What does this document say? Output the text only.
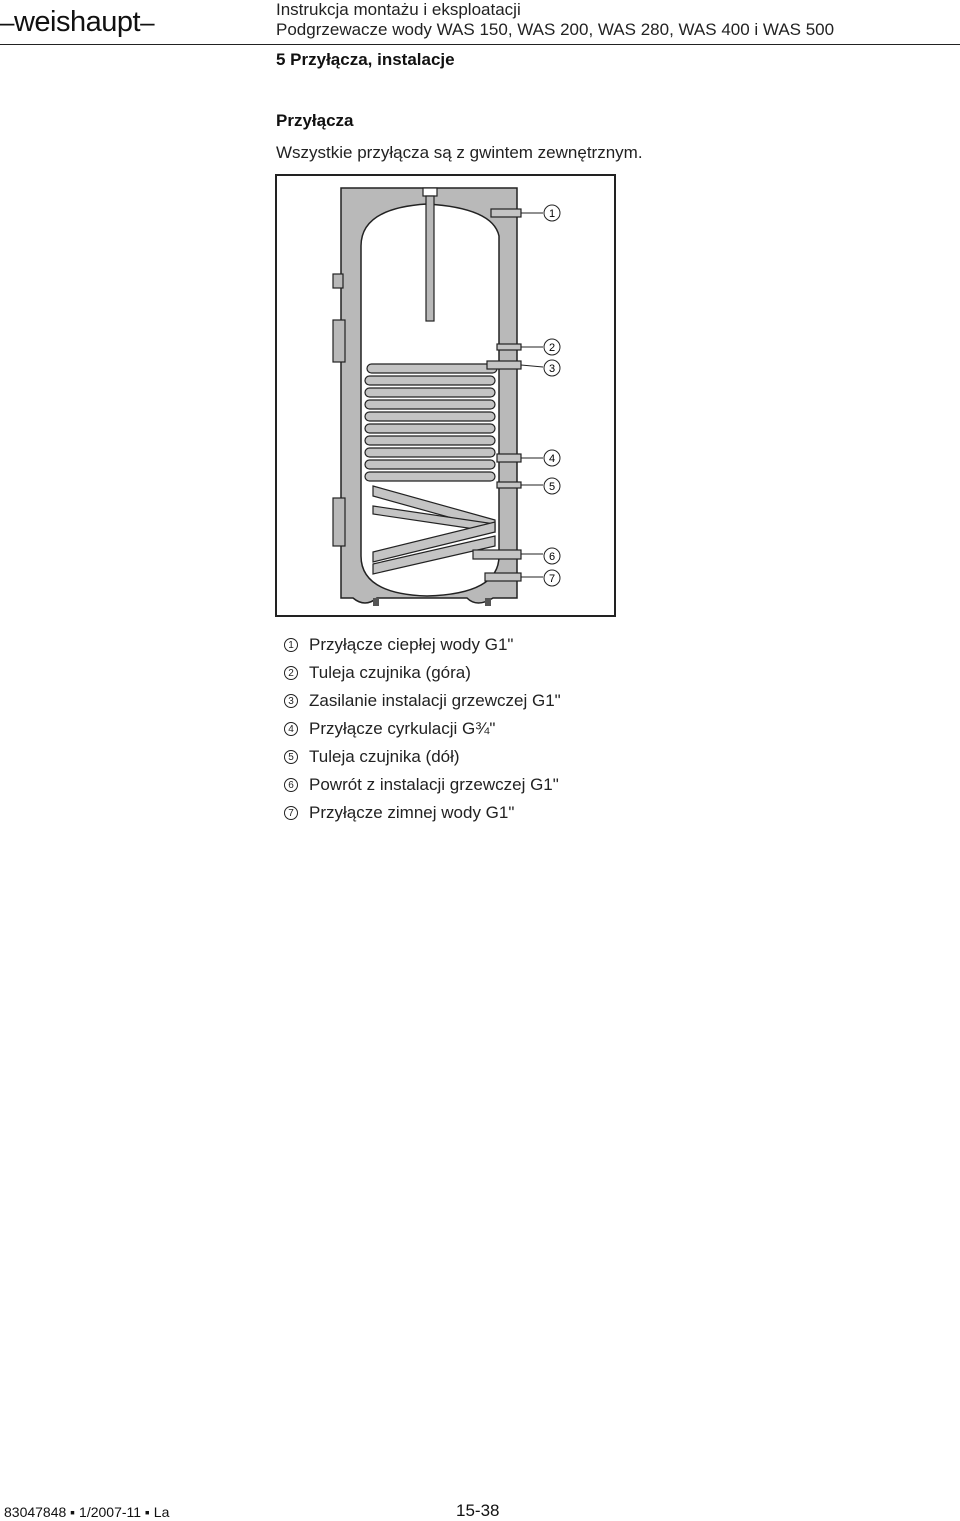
–weishaupt–	Instrukcja montażu i eksploatacji
Podgrzewacze wody WAS 150, WAS 200, WAS 280, WAS 400 i WAS 500
5 Przyłącza, instalacje
Przyłącza
Wszystkie przyłącza są z gwintem zewnętrznym.
1
2
3
4
5
6
7
1 Przyłącze ciepłej wody G1"
2 Tuleja czujnika (góra)
3 Zasilanie instalacji grzewczej G1"
4 Przyłącze cyrkulacji G¾"
5 Tuleja czujnika (dół)
6 Powrót z instalacji grzewczej G1"
7 Przyłącze zimnej wody G1"
83047848 ▪ 1/2007-11 ▪ La	15-38
